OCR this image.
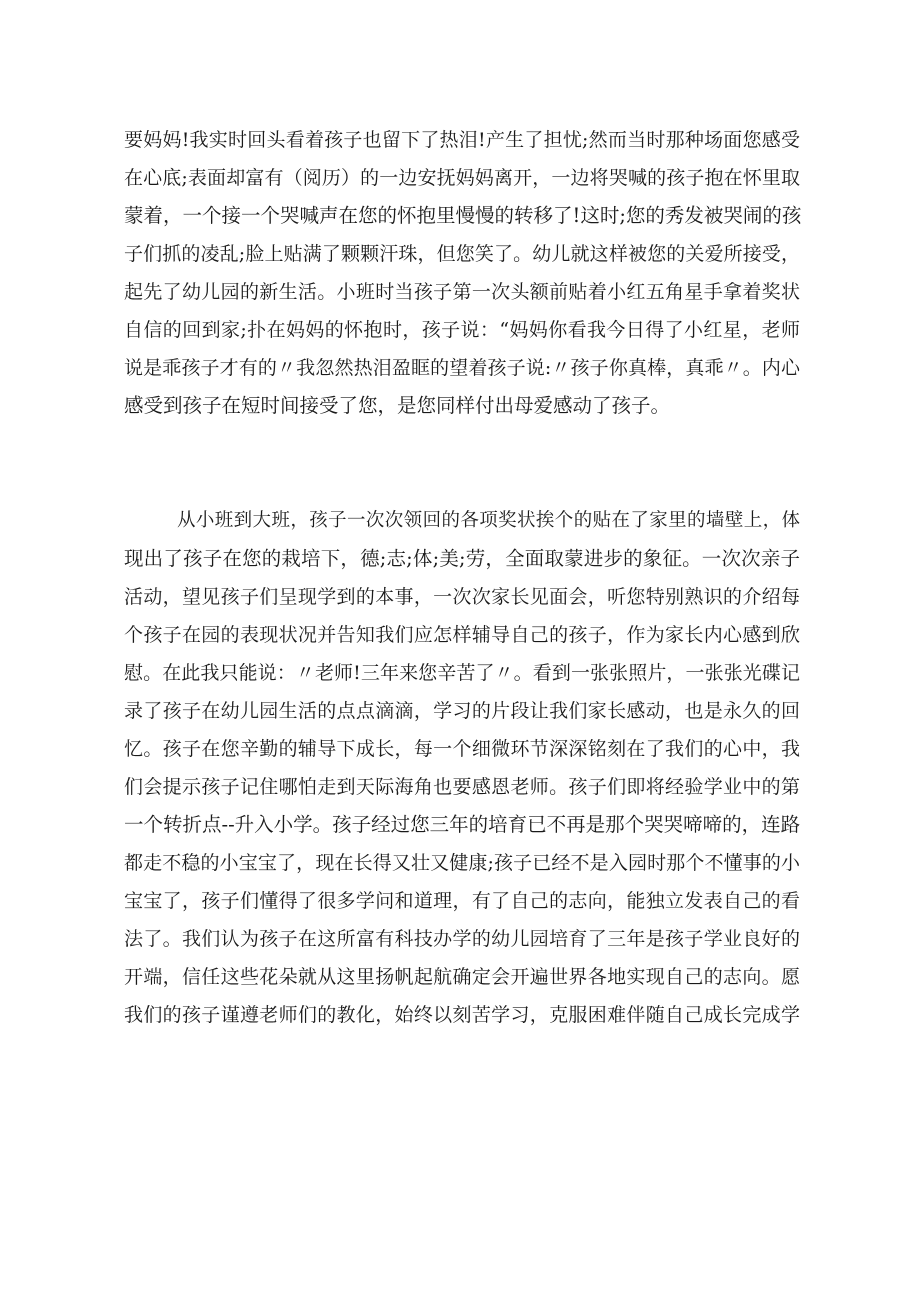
要妈妈!我实时回头看着孩子也留下了热泪!产生了担忧;然而当时那种场面您感受
在心底;表面却富有（阅历）的一边安抚妈妈离开，一边将哭喊的孩子抱在怀里取
蒙着，一个接一个哭喊声在您的怀抱里慢慢的转移了!这时;您的秀发被哭闹的孩
子们抓的凌乱;脸上贴满了颗颗汗珠，但您笑了。幼儿就这样被您的关爱所接受，
起先了幼儿园的新生活。小班时当孩子第一次头额前贴着小红五角星手拿着奖状
自信的回到家;扑在妈妈的怀抱时，孩子说：“妈妈你看我今日得了小红星，老师
说是乖孩子才有的〃我忽然热泪盈眶的望着孩子说:〃孩子你真棒，真乖〃。内心
感受到孩子在短时间接受了您，是您同样付出母爱感动了孩子。
从小班到大班，孩子一次次领回的各项奖状挨个的贴在了家里的墙壁上，体
现出了孩子在您的栽培下，德;志;体;美;劳，全面取蒙进步的象征。一次次亲子
活动，望见孩子们呈现学到的本事，一次次家长见面会，听您特别熟识的介绍每
个孩子在园的表现状况并告知我们应怎样辅导自己的孩子，作为家长内心感到欣
慰。在此我只能说：〃老师!三年来您辛苦了〃。看到一张张照片，一张张光碟记
录了孩子在幼儿园生活的点点滴滴，学习的片段让我们家长感动，也是永久的回
忆。孩子在您辛勤的辅导下成长，每一个细微环节深深铭刻在了我们的心中，我
们会提示孩子记住哪怕走到天际海角也要感恩老师。孩子们即将经验学业中的第
一个转折点--升入小学。孩子经过您三年的培育已不再是那个哭哭啼啼的，连路
都走不稳的小宝宝了，现在长得又壮又健康;孩子已经不是入园时那个不懂事的小
宝宝了，孩子们懂得了很多学问和道理，有了自己的志向，能独立发表自己的看
法了。我们认为孩子在这所富有科技办学的幼儿园培育了三年是孩子学业良好的
开端，信任这些花朵就从这里扬帆起航确定会开遍世界各地实现自己的志向。愿
我们的孩子谨遵老师们的教化，始终以刻苦学习，克服困难伴随自己成长完成学
